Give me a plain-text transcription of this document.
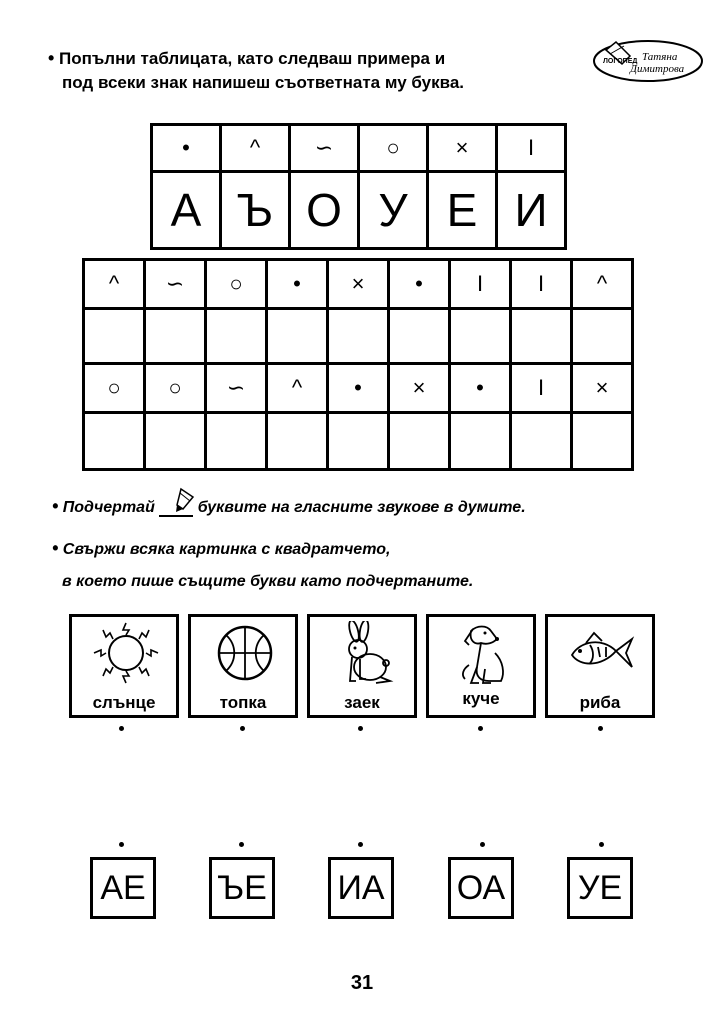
• Попълни таблицата, като следваш примера и
под всеки знак напишеш съответната му буква.
ЛОГОПЕД Татяна
Димитрова
•	^	∽	○	×	I
А	Ъ	О	У	Е	И
^	∽	○	•	×	•	I	I	^

○	○	∽	^	•	×	•	I	×

• Подчертай	буквите на гласните звукове в думите.
• Свържи всяка картинка с квадратчето,
в което пише същите букви като подчертаните.
слънце	топка	заек	куче	риба
АЕ	ЪЕ ИА ОА	УЕ
31
